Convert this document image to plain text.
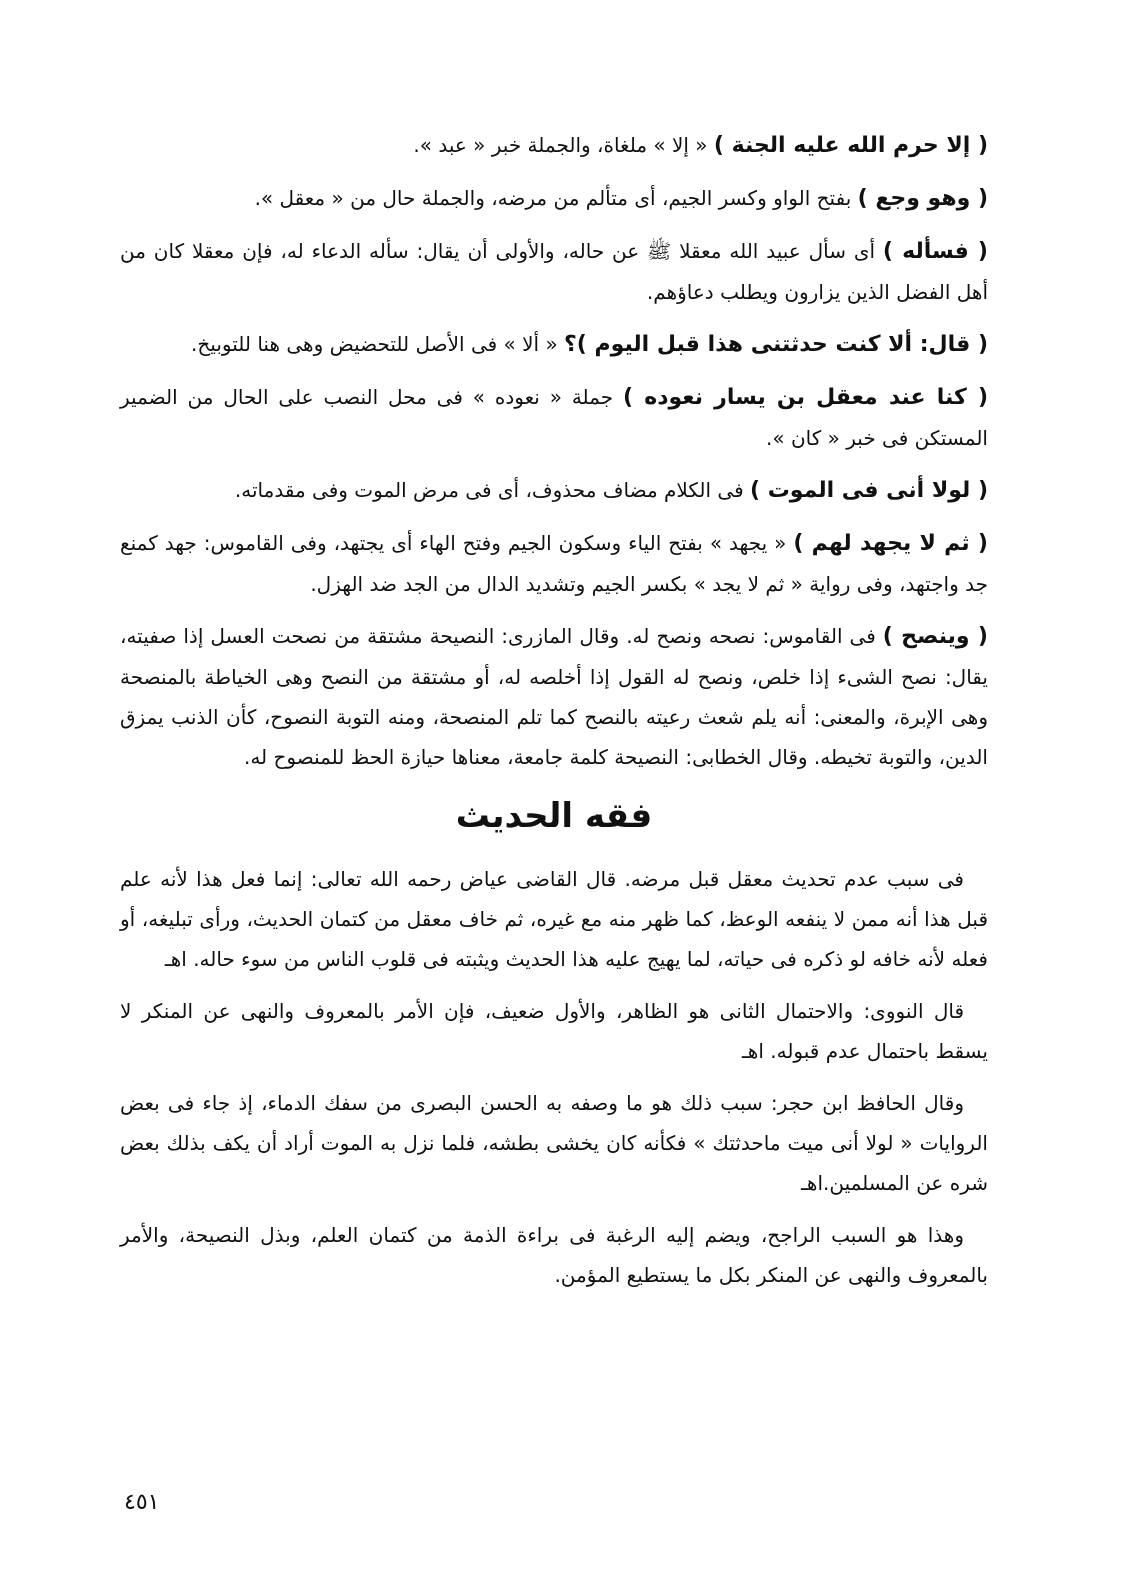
( إلا حرم الله عليه الجنة ) « إلا » ملغاة، والجملة خبر « عبد ».

( وهو وجع ) بفتح الواو وكسر الجيم، أى متألم من مرضه، والجملة حال من « معقل ».

( فسأله ) أى سأل عبيد الله معقلا ﷺ عن حاله، والأولى أن يقال: سأله الدعاء له، فإن معقلا كان من أهل الفضل الذين يزارون ويطلب دعاؤهم.

( قال: ألا كنت حدثتنى هذا قبل اليوم )؟ « ألا » فى الأصل للتحضيض وهى هنا للتوبيخ.

( كنا عند معقل بن يسار نعوده ) جملة « نعوده » فى محل النصب على الحال من الضمير المستكن فى خبر « كان ».

( لولا أنى فى الموت ) فى الكلام مضاف محذوف، أى فى مرض الموت وفى مقدماته.

( ثم لا يجهد لهم ) « يجهد » بفتح الياء وسكون الجيم وفتح الهاء أى يجتهد، وفى القاموس: جهد كمنع جد واجتهد، وفى رواية « ثم لا يجد » بكسر الجيم وتشديد الدال من الجد ضد الهزل.

( وينصح ) فى القاموس: نصحه ونصح له. وقال المازرى: النصيحة مشتقة من نصحت العسل إذا صفيته، يقال: نصح الشىء إذا خلص، ونصح له القول إذا أخلصه له، أو مشتقة من النصح وهى الخياطة بالمنصحة وهى الإبرة، والمعنى: أنه يلم شعث رعيته بالنصح كما تلم المنصحة، ومنه التوبة النصوح، كأن الذنب يمزق الدين، والتوبة تخيطه. وقال الخطابى: النصيحة كلمة جامعة، معناها حيازة الحظ للمنصوح له.

فقه الحديث

فى سبب عدم تحديث معقل قبل مرضه. قال القاضى عياض رحمه الله تعالى: إنما فعل هذا لأنه علم قبل هذا أنه ممن لا ينفعه الوعظ، كما ظهر منه مع غيره، ثم خاف معقل من كتمان الحديث، ورأى تبليغه، أو فعله لأنه خافه لو ذكره فى حياته، لما يهيج عليه هذا الحديث ويثبته فى قلوب الناس من سوء حاله. اهـ

قال النووى: والاحتمال الثانى هو الظاهر، والأول ضعيف، فإن الأمر بالمعروف والنهى عن المنكر لا يسقط باحتمال عدم قبوله. اهـ

وقال الحافظ ابن حجر: سبب ذلك هو ما وصفه به الحسن البصرى من سفك الدماء، إذ جاء فى بعض الروايات « لولا أنى ميت ماحدثتك » فكأنه كان يخشى بطشه، فلما نزل به الموت أراد أن يكف بذلك بعض شره عن المسلمين.اهـ

وهذا هو السبب الراجح، ويضم إليه الرغبة فى براءة الذمة من كتمان العلم، وبذل النصيحة، والأمر بالمعروف والنهى عن المنكر بكل ما يستطيع المؤمن.

٤٥١
